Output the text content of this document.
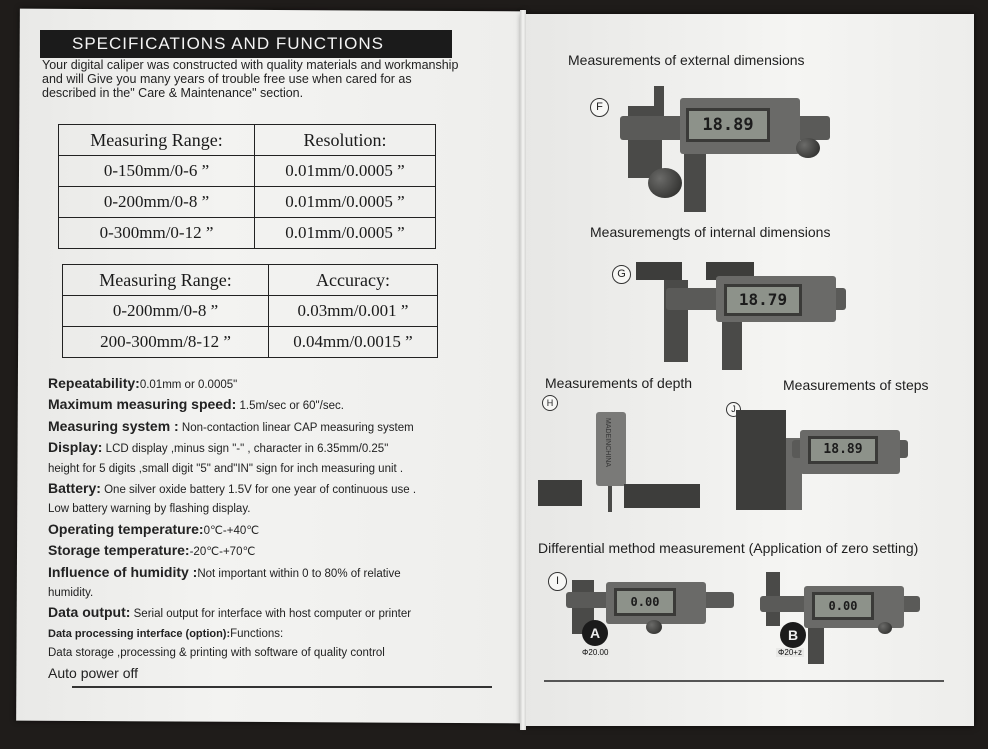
SPECIFICATIONS AND FUNCTIONS
Your digital caliper was constructed with quality materials and workmanship and will Give you many years of trouble free use when cared for as described in the" Care & Maintenance" section.
Measuring Range:	Resolution:
0-150mm/0-6 ”	0.01mm/0.0005 ”
0-200mm/0-8 ”	0.01mm/0.0005 ”
0-300mm/0-12 ”	0.01mm/0.0005 ”
Measuring Range:	Accuracy:
0-200mm/0-8 ”	0.03mm/0.001 ”
200-300mm/8-12 ”	0.04mm/0.0015 ”
Repeatability:0.01mm or 0.0005"
Maximum measuring speed: 1.5m/sec or 60"/sec.
Measuring system : Non-contaction linear CAP measuring system
Display: LCD display ,minus sign "-" , character in 6.35mm/0.25"
height for 5 digits ,small digit "5" and"IN" sign for inch measuring unit .
Battery: One silver oxide battery 1.5V for one year of continuous use .
Low battery warning by flashing display.
Operating temperature:0℃-+40℃
Storage temperature:-20℃-+70℃
Influence of humidity :Not important within 0 to 80% of relative
humidity.
Data output: Serial output for interface with host computer or printer
Data processing interface (option):Functions:
Data storage ,processing & printing with software of quality control
Auto power off
Measurements of external dimensions
F
18.89
Measuremengts of internal dimensions
G
18.79
Measurements of depth
H
MADEINCHINA
Measurements of steps
J
18.89
Differential method measurement (Application of zero setting)
I
0.00
A
Φ20.00
0.00
B
Φ20+z
